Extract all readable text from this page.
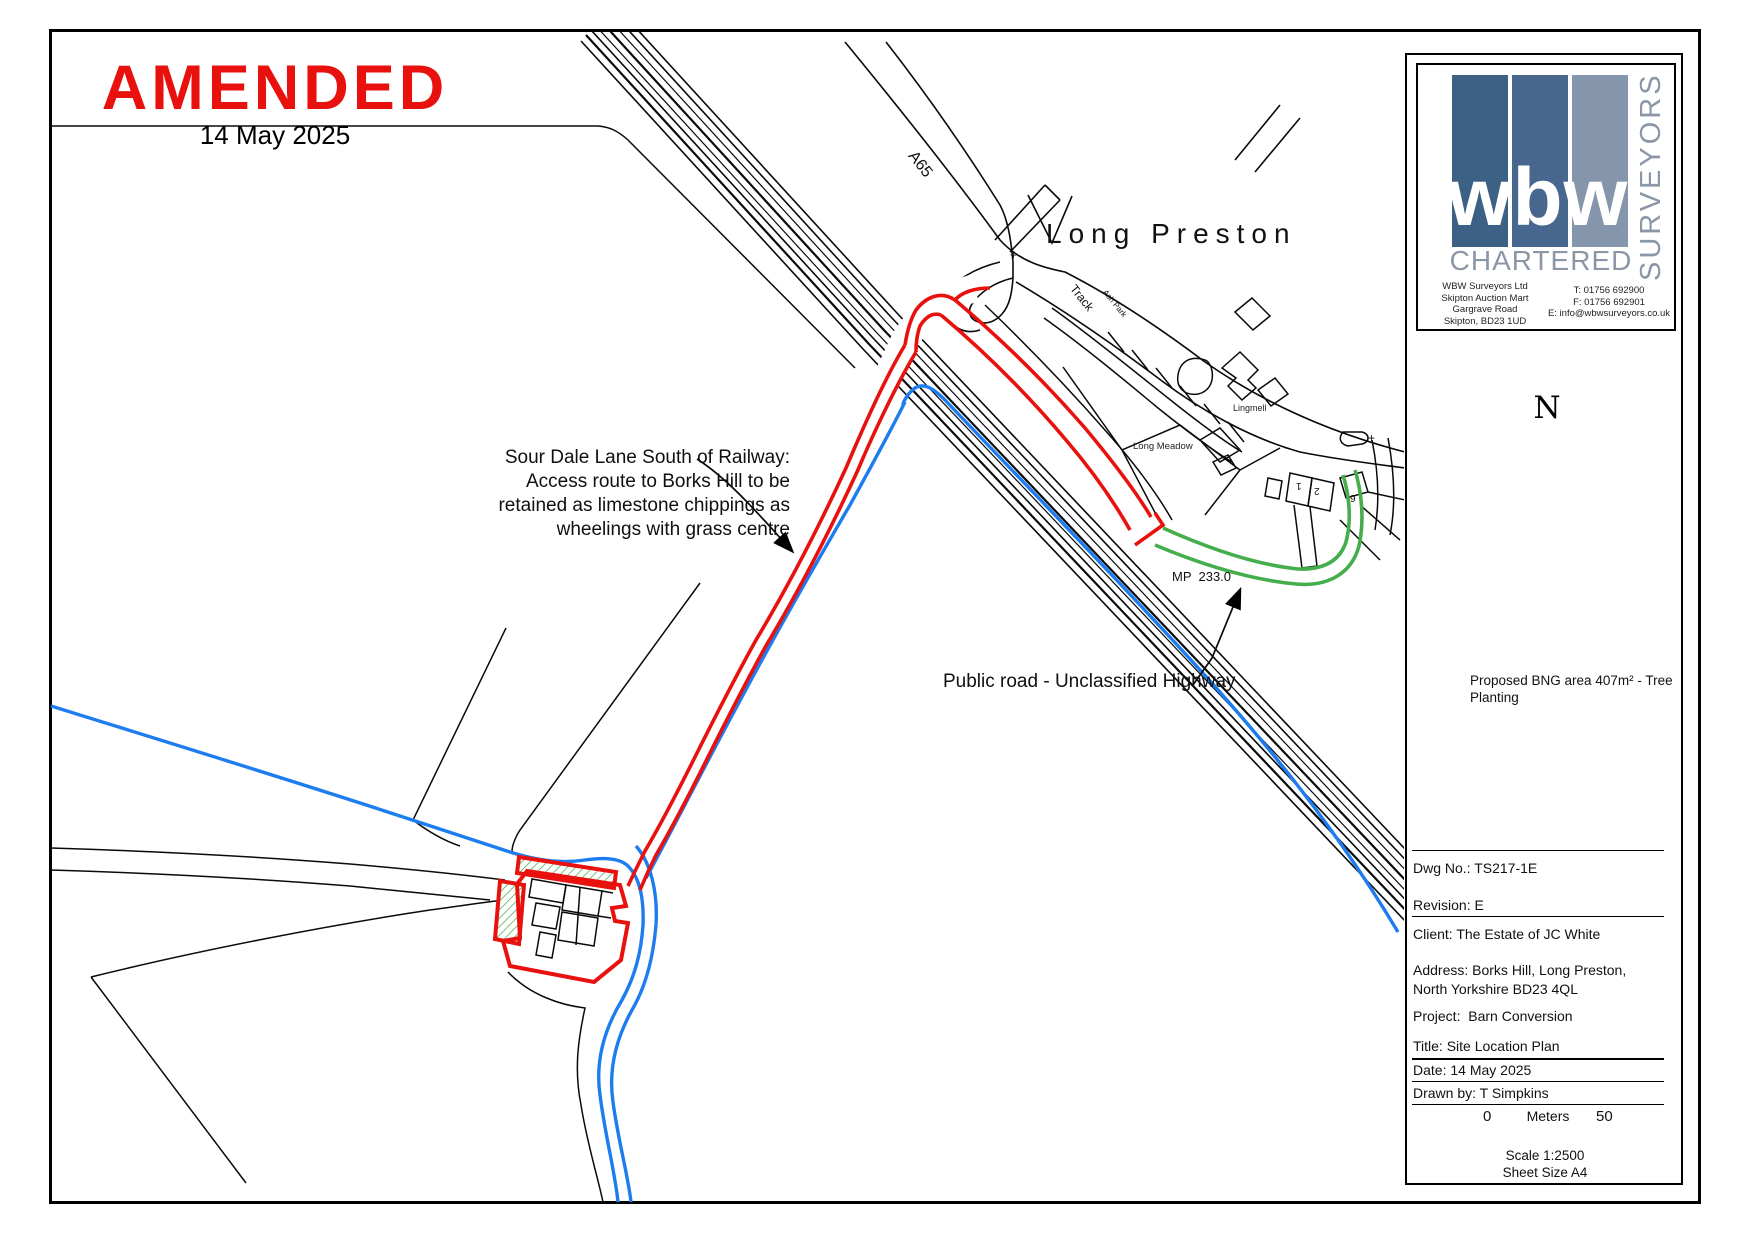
AMENDED
14 May 2025
Long Preston
A65
Track Ash Park
Lingmell
Long Meadow
MP  233.0
1 2
6
+
+
Sour Dale Lane South of Railway:
Access route to Borks Hill to be
retained as limestone chippings as
wheelings with grass centre
Public road - Unclassified Highway
wbw SURVEYORS
CHARTERED
WBW Surveyors Ltd
Skipton Auction Mart
Gargrave Road
Skipton, BD23 1UD
T: 01756 692900
F: 01756 692901
E: info@wbwsurveyors.co.uk
N
Proposed BNG area 407m² - Tree Planting
Dwg No.: TS217-1E
Revision: E
Client: The Estate of JC White
Address: Borks Hill, Long Preston,
North Yorkshire BD23 4QL
Project:  Barn Conversion
Title: Site Location Plan
Date: 14 May 2025
Drawn by: T Simpkins
0	Meters	50
Scale 1:2500
Sheet Size A4
